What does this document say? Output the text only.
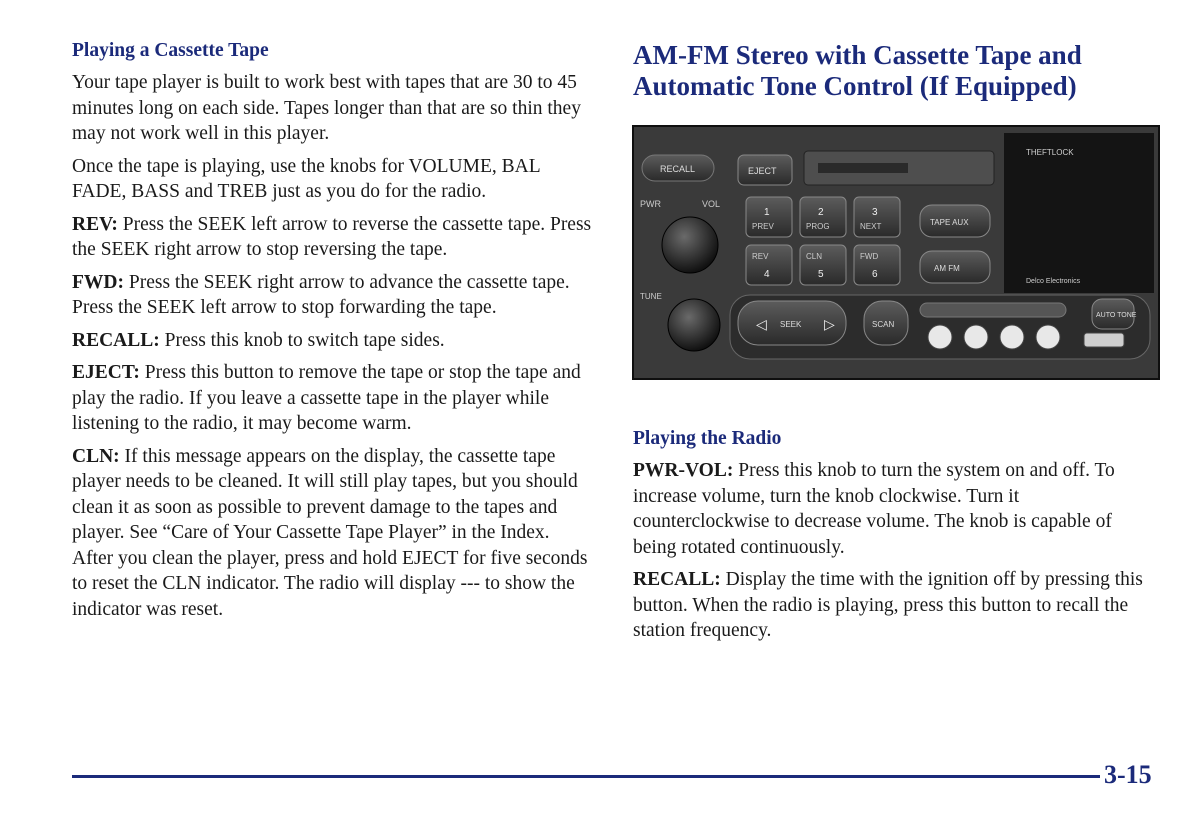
Playing a Cassette Tape

Your tape player is built to work best with tapes that are 30 to 45 minutes long on each side. Tapes longer than that are so thin they may not work well in this player.

Once the tape is playing, use the knobs for VOLUME, BAL FADE, BASS and TREB just as you do for the radio.

REV: Press the SEEK left arrow to reverse the cassette tape. Press the SEEK right arrow to stop reversing the tape.

FWD: Press the SEEK right arrow to advance the cassette tape. Press the SEEK left arrow to stop forwarding the tape.

RECALL: Press this knob to switch tape sides.

EJECT: Press this button to remove the tape or stop the tape and play the radio. If you leave a cassette tape in the player while listening to the radio, it may become warm.

CLN: If this message appears on the display, the cassette tape player needs to be cleaned. It will still play tapes, but you should clean it as soon as possible to prevent damage to the tapes and player. See “Care of Your Cassette Tape Player” in the Index. After you clean the player, press and hold EJECT for five seconds to reset the CLN indicator. The radio will display --- to show the indicator was reset.

AM-FM Stereo with Cassette Tape and Automatic Tone Control (If Equipped)
THEFTLOCK
Delco Electronics
RECALL	EJECT
PWR	VOL
TUNE
1
PREV
2
PROG
3
NEXT
REV
4
CLN
5
FWD
6
TAPE AUX
AM FM
◁	▷
SEEK	SCAN
AUTO TONE

Playing the Radio

PWR-VOL: Press this knob to turn the system on and off. To increase volume, turn the knob clockwise. Turn it counterclockwise to decrease volume. The knob is capable of being rotated continuously.

RECALL: Display the time with the ignition off by pressing this button. When the radio is playing, press this button to recall the station frequency.

3-15
